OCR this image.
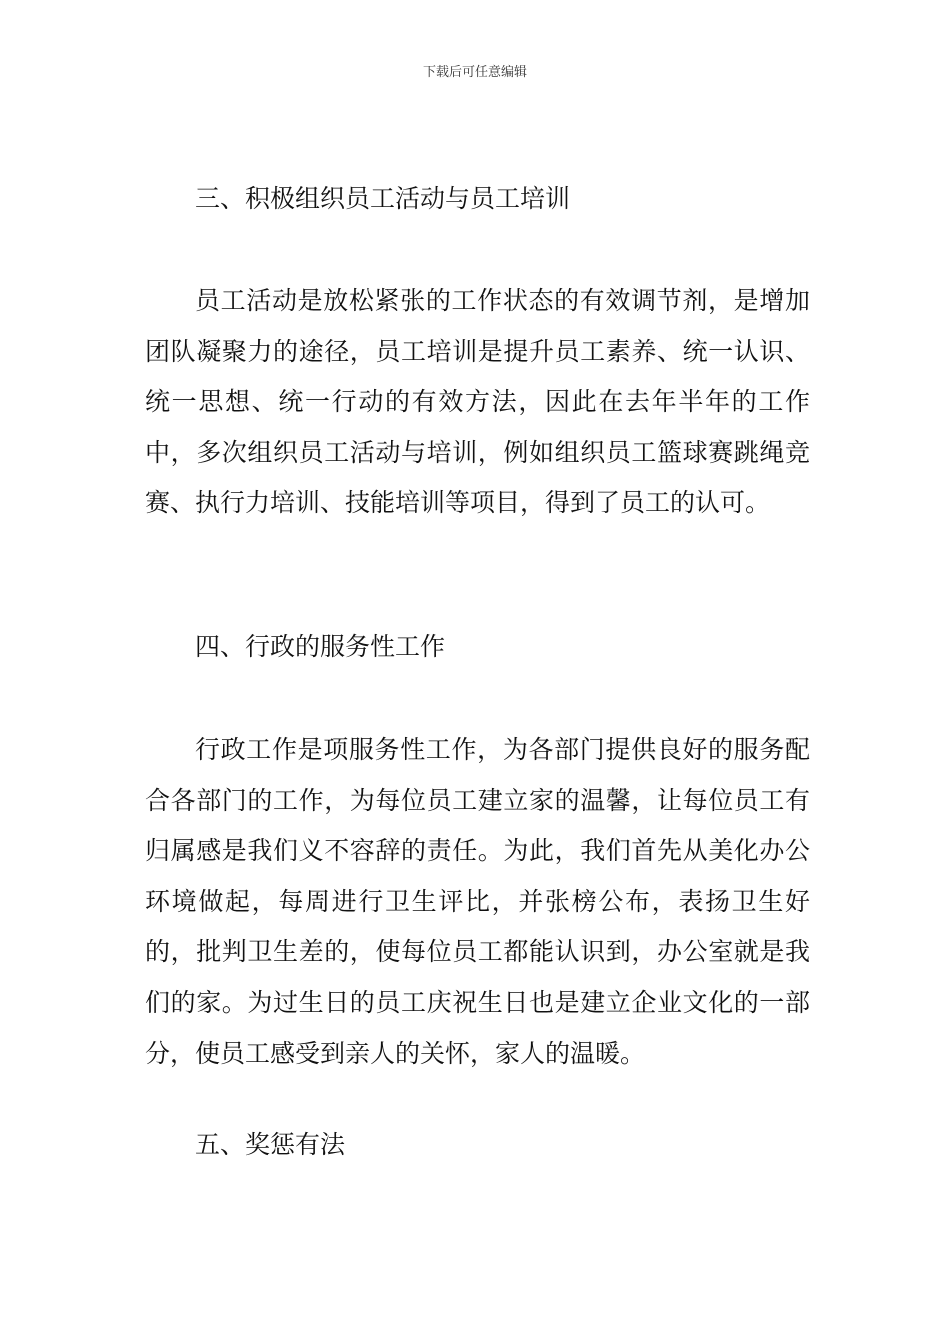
下载后可任意编辑
三、积极组织员工活动与员工培训
员工活动是放松紧张的工作状态的有效调节剂，是增加团队凝聚力的途径，员工培训是提升员工素养、统一认识、统一思想、统一行动的有效方法，因此在去年半年的工作中，多次组织员工活动与培训，例如组织员工篮球赛跳绳竞赛、执行力培训、技能培训等项目，得到了员工的认可。
四、行政的服务性工作
行政工作是项服务性工作，为各部门提供良好的服务配合各部门的工作，为每位员工建立家的温馨，让每位员工有归属感是我们义不容辞的责任。为此，我们首先从美化办公环境做起，每周进行卫生评比，并张榜公布，表扬卫生好的，批判卫生差的，使每位员工都能认识到，办公室就是我们的家。为过生日的员工庆祝生日也是建立企业文化的一部分，使员工感受到亲人的关怀，家人的温暖。
五、奖惩有法
